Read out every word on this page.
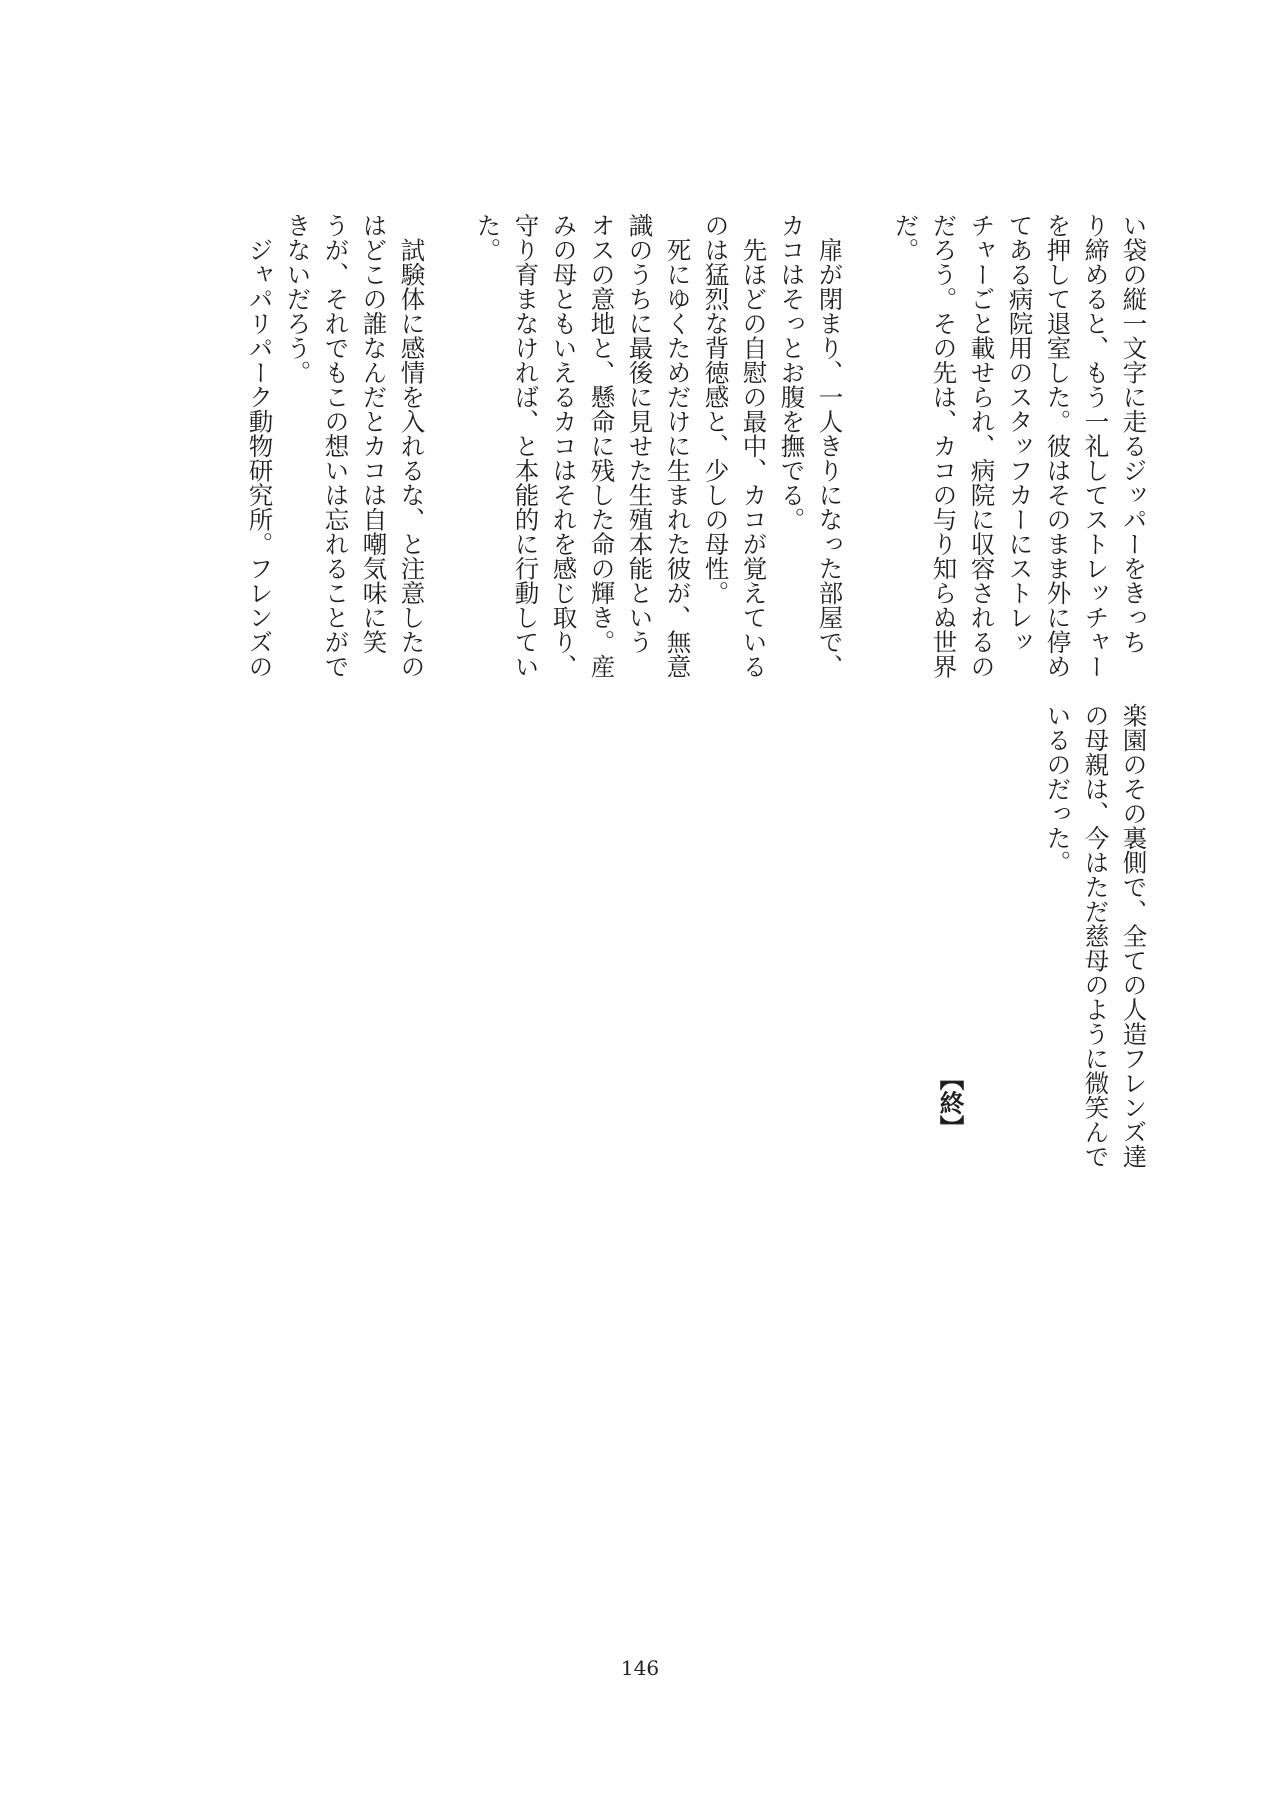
い袋の縦一文字に走るジッパーをきっち
り締めると、もう一礼してストレッチャー
を押して退室した。彼はそのまま外に停め
てある病院用のスタッフカーにストレッ
チャーごと載せられ、病院に収容されるの
だろう。その先は、カコの与り知らぬ世界
だ。
　扉が閉まり、一人きりになった部屋で、
カコはそっとお腹を撫でる。
　先ほどの自慰の最中、カコが覚えている
のは猛烈な背徳感と、少しの母性。
　死にゆくためだけに生まれた彼が、無意
識のうちに最後に見せた生殖本能という
オスの意地と、懸命に残した命の輝き。産
みの母ともいえるカコはそれを感じ取り、
守り育まなければ、と本能的に行動してい
た。
　試験体に感情を入れるな、と注意したの
はどこの誰なんだとカコは自嘲気味に笑
うが、それでもこの想いは忘れることがで
きないだろう。
　ジャパリパーク動物研究所。フレンズの
楽園のその裏側で、全ての人造フレンズ達
の母親は、今はただ慈母のように微笑んで
いるのだった。
【終】
146
